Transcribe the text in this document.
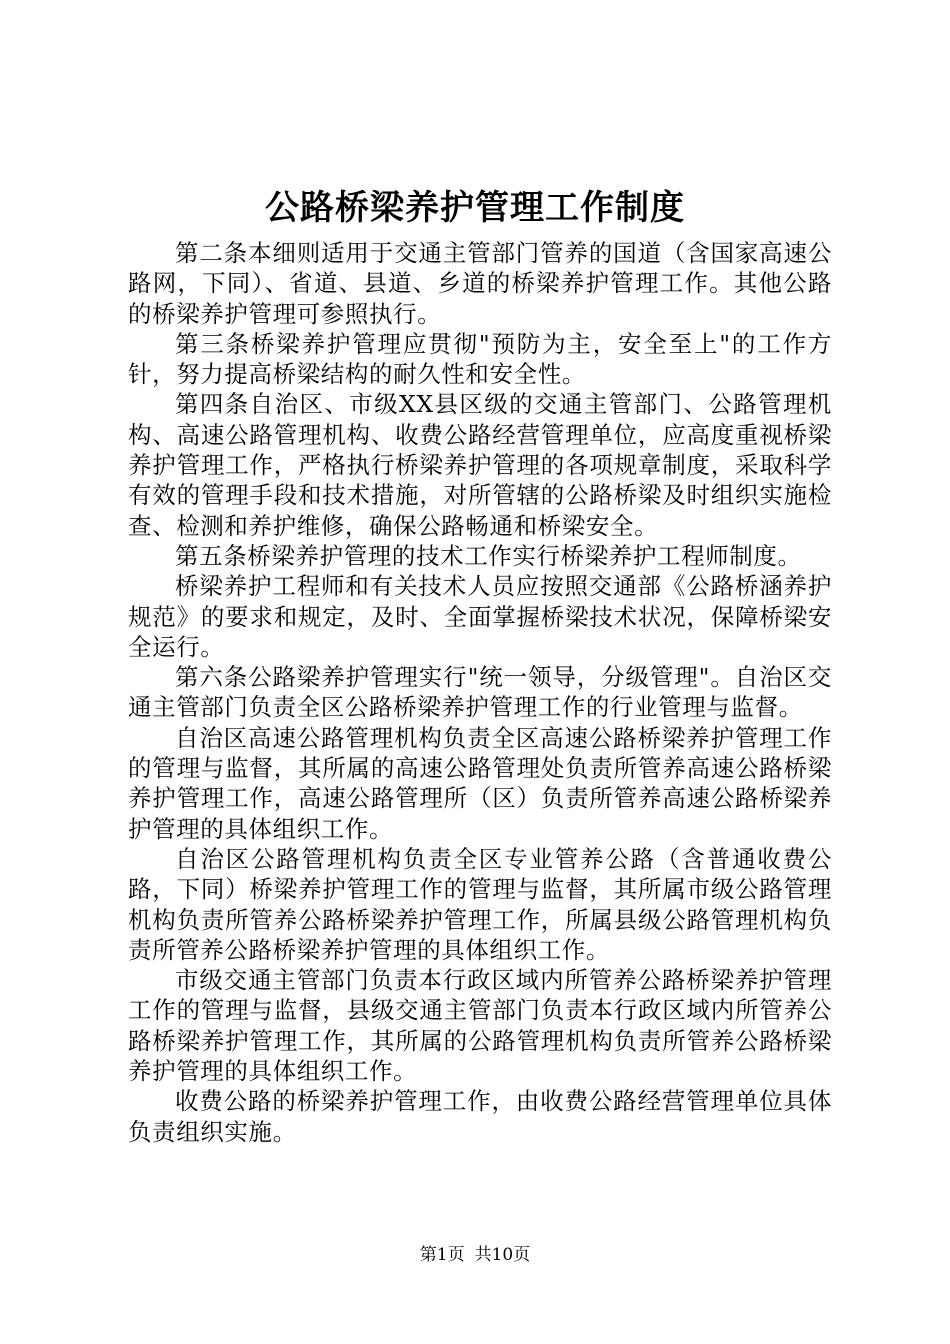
公路桥梁养护管理工作制度

第二条本细则适用于交通主管部门管养的国道（含国家高速公路网，下同）、省道、县道、乡道的桥梁养护管理工作。其他公路的桥梁养护管理可参照执行。

第三条桥梁养护管理应贯彻"预防为主，安全至上"的工作方针，努力提高桥梁结构的耐久性和安全性。

第四条自治区、市级XX县区级的交通主管部门、公路管理机构、高速公路管理机构、收费公路经营管理单位，应高度重视桥梁养护管理工作，严格执行桥梁养护管理的各项规章制度，采取科学有效的管理手段和技术措施，对所管辖的公路桥梁及时组织实施检查、检测和养护维修，确保公路畅通和桥梁安全。

第五条桥梁养护管理的技术工作实行桥梁养护工程师制度。

桥梁养护工程师和有关技术人员应按照交通部《公路桥涵养护规范》的要求和规定，及时、全面掌握桥梁技术状况，保障桥梁安全运行。

第六条公路梁养护管理实行"统一领导，分级管理"。自治区交通主管部门负责全区公路桥梁养护管理工作的行业管理与监督。

自治区高速公路管理机构负责全区高速公路桥梁养护管理工作的管理与监督，其所属的高速公路管理处负责所管养高速公路桥梁养护管理工作，高速公路管理所（区）负责所管养高速公路桥梁养护管理的具体组织工作。

自治区公路管理机构负责全区专业管养公路（含普通收费公路，下同）桥梁养护管理工作的管理与监督，其所属市级公路管理机构负责所管养公路桥梁养护管理工作，所属县级公路管理机构负责所管养公路桥梁养护管理的具体组织工作。

市级交通主管部门负责本行政区域内所管养公路桥梁养护管理工作的管理与监督，县级交通主管部门负责本行政区域内所管养公路桥梁养护管理工作，其所属的公路管理机构负责所管养公路桥梁养护管理的具体组织工作。

收费公路的桥梁养护管理工作，由收费公路经营管理单位具体负责组织实施。

第1页 共10页
